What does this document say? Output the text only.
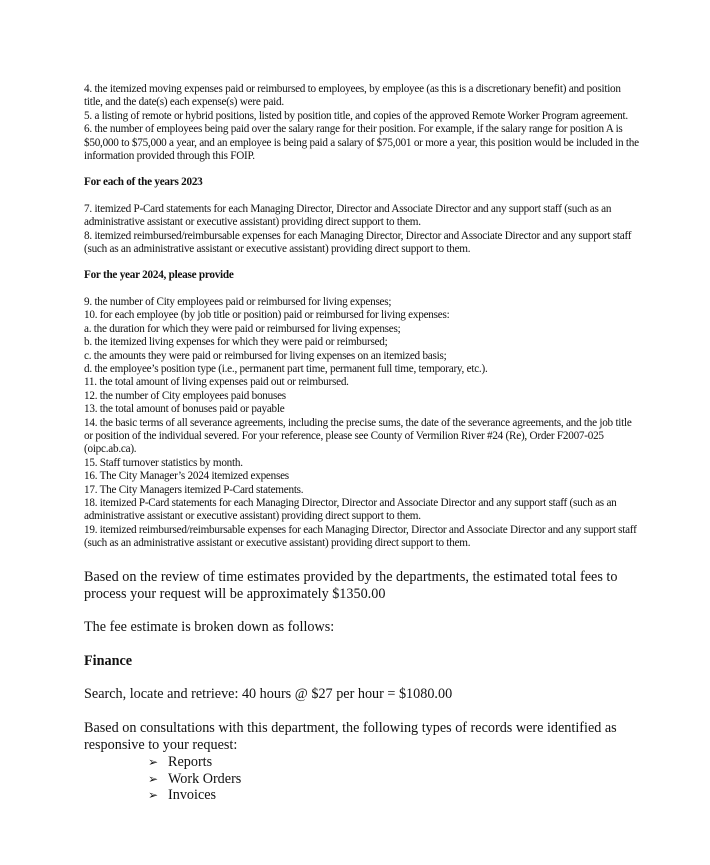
4. the itemized moving expenses paid or reimbursed to employees, by employee (as this is a discretionary benefit) and position title, and the date(s) each expense(s) were paid.

5. a listing of remote or hybrid positions, listed by position title, and copies of the approved Remote Worker Program agreement.

6. the number of employees being paid over the salary range for their position. For example, if the salary range for position A is $50,000 to $75,000 a year, and an employee is being paid a salary of $75,001 or more a year, this position would be included in the information provided through this FOIP.

For each of the years 2023

7. itemized P-Card statements for each Managing Director, Director and Associate Director and any support staff (such as an administrative assistant or executive assistant) providing direct support to them.

8. itemized reimbursed/reimbursable expenses for each Managing Director, Director and Associate Director and any support staff (such as an administrative assistant or executive assistant) providing direct support to them.

For the year 2024, please provide

9. the number of City employees paid or reimbursed for living expenses;

10. for each employee (by job title or position) paid or reimbursed for living expenses:

a. the duration for which they were paid or reimbursed for living expenses;

b. the itemized living expenses for which they were paid or reimbursed;

c. the amounts they were paid or reimbursed for living expenses on an itemized basis;

d. the employee’s position type (i.e., permanent part time, permanent full time, temporary, etc.).

11. the total amount of living expenses paid out or reimbursed.

12. the number of City employees paid bonuses

13. the total amount of bonuses paid or payable

14. the basic terms of all severance agreements, including the precise sums, the date of the severance agreements, and the job title or position of the individual severed. For your reference, please see County of Vermilion River #24 (Re), Order F2007-025 (oipc.ab.ca).

15. Staff turnover statistics by month.

16. The City Manager’s 2024 itemized expenses

17. The City Managers itemized P-Card statements.

18. itemized P-Card statements for each Managing Director, Director and Associate Director and any support staff (such as an administrative assistant or executive assistant) providing direct support to them.

19. itemized reimbursed/reimbursable expenses for each Managing Director, Director and Associate Director and any support staff (such as an administrative assistant or executive assistant) providing direct support to them.

Based on the review of time estimates provided by the departments, the estimated total fees to process your request will be approximately $1350.00

The fee estimate is broken down as follows:

Finance

Search, locate and retrieve: 40 hours @ $27 per hour = $1080.00

Based on consultations with this department, the following types of records were identified as responsive to your request:

➢ Reports
➢ Work Orders
➢ Invoices
